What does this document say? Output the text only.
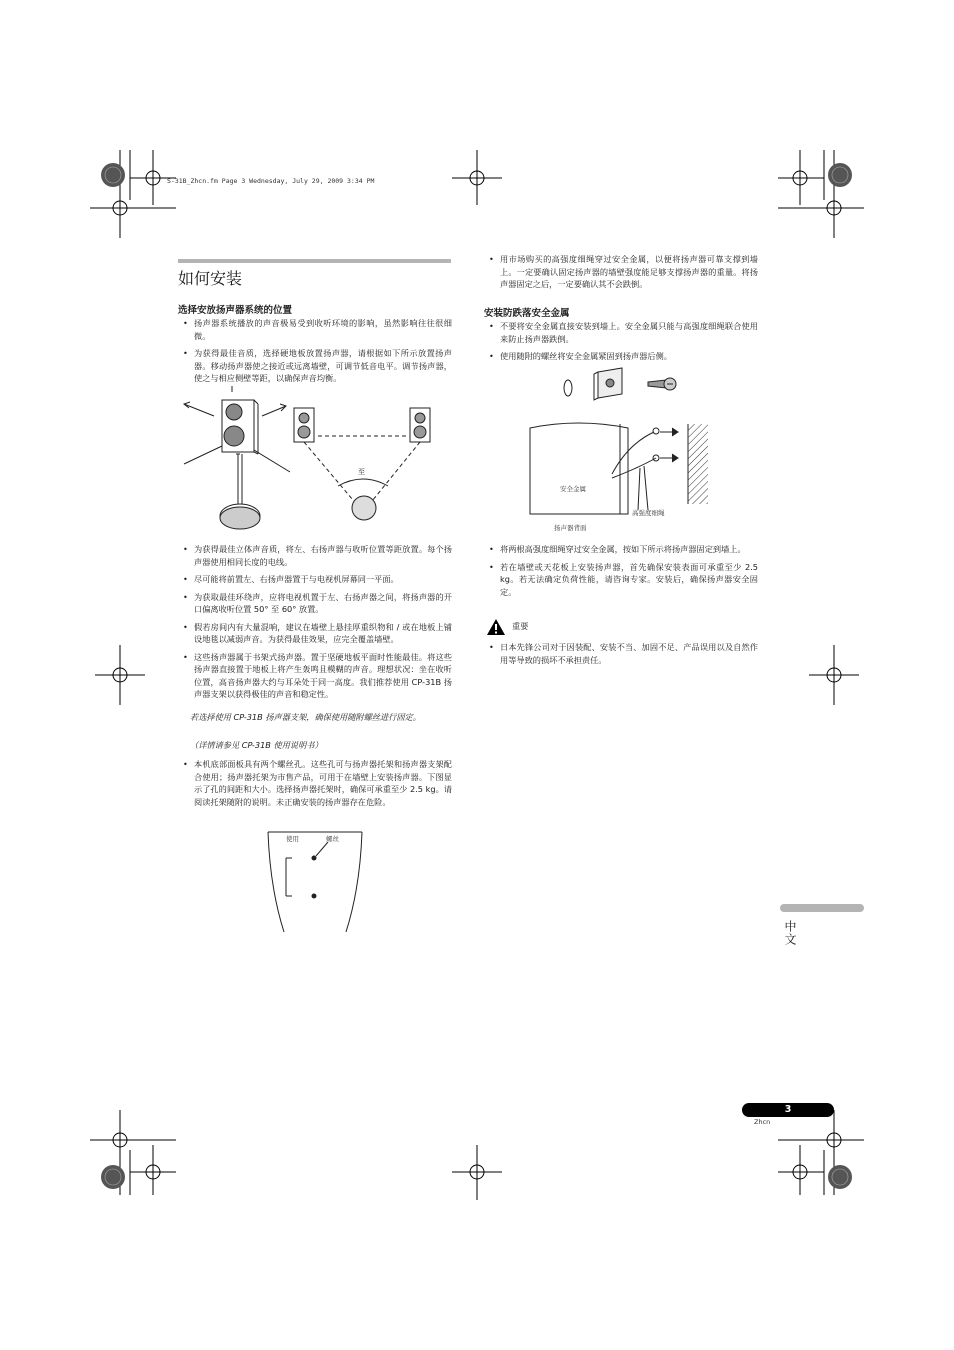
S-31B_Zhcn.fm Page 3 Wednesday, July 29, 2009 3:34 PM
如何安装
选择安放扬声器系统的位置
• 扬声器系统播放的声音极易受到收听环境的影响，虽然影响往往很细微。
• 为获得最佳音质，选择硬地板放置扬声器，请根据如下所示放置扬声器。移动扬声器使之接近或远离墙壁，可调节低音电平。调节扬声器，使之与相应侧壁等距，以确保声音均衡。
至
• 为获得最佳立体声音质，将左、右扬声器与收听位置等距放置。每个扬声器使用相同长度的电线。
• 尽可能将前置左、右扬声器置于与电视机屏幕同一平面。
• 为获取最佳环绕声，应将电视机置于左、右扬声器之间，将扬声器的开口偏离收听位置 50° 至 60° 放置。
• 假若房间内有大量混响，建议在墙壁上悬挂厚重织物和 / 或在地板上铺设地毯以减弱声音。为获得最佳效果，应完全覆盖墙壁。
• 这些扬声器属于书架式扬声器。置于坚硬地板平面时性能最佳。将这些扬声器直接置于地板上将产生轰鸣且模糊的声音。理想状况：坐在收听位置，高音扬声器大约与耳朵处于同一高度。我们推荐使用 CP-31B 扬声器支架以获得极佳的声音和稳定性。
若选择使用 CP-31B 扬声器支架，确保使用随附螺丝进行固定。
（详情请参见 CP-31B 使用说明书）
• 本机底部面板具有两个螺丝孔。这些孔可与扬声器托架和扬声器支架配合使用；扬声器托架为市售产品，可用于在墙壁上安装扬声器。下图显示了孔的间距和大小。选择扬声器托架时，确保可承重至少 2.5 kg。请阅读托架随附的说明。未正确安装的扬声器存在危险。
使用	螺丝
• 用市场购买的高强度细绳穿过安全金属，以便将扬声器可靠支撑到墙上。一定要确认固定扬声器的墙壁强度能足够支撑扬声器的重量。将扬声器固定之后，一定要确认其不会跌倒。
安装防跌落安全金属
• 不要将安全金属直接安装到墙上。安全金属只能与高强度细绳联合使用来防止扬声器跌倒。
• 使用随附的螺丝将安全金属紧固到扬声器后侧。
安全金属
高强度细绳
扬声器背面
• 将两根高强度细绳穿过安全金属，按如下所示将扬声器固定到墙上。
• 若在墙壁或天花板上安装扬声器，首先确保安装表面可承重至少 2.5 kg。若无法确定负荷性能，请咨询专家。安装后，确保扬声器安全固定。
重要
• 日本先锋公司对于因装配、安装不当、加固不足、产品误用以及自然作用等导致的损坏不承担责任。
中文
3
Zhcn
